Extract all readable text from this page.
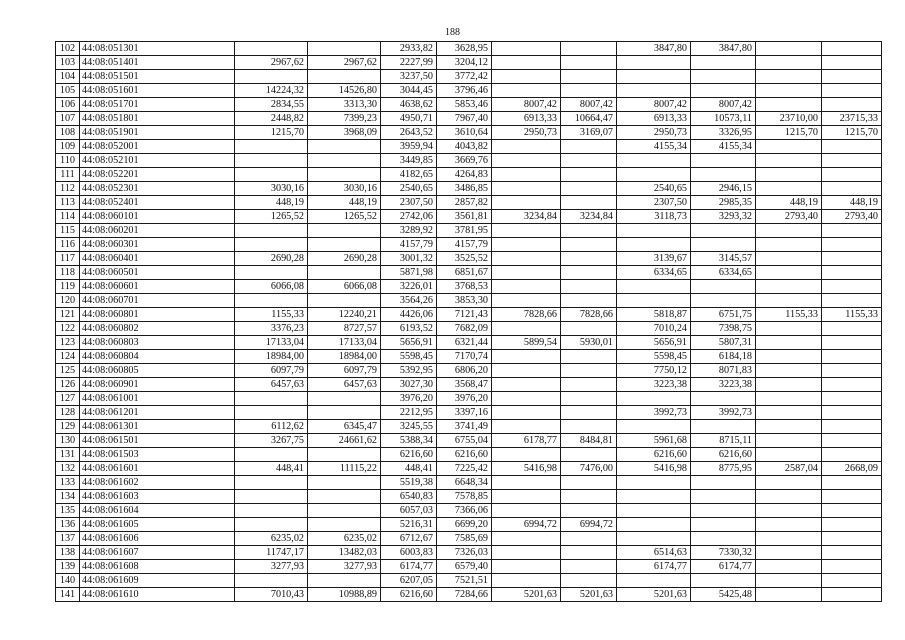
188
102	44:08:051301			2933,82	3628,95			3847,80	3847,80		
103	44:08:051401	2967,62	2967,62	2227,99	3204,12						
104	44:08:051501			3237,50	3772,42						
105	44:08:051601	14224,32	14526,80	3044,45	3796,46						
106	44:08:051701	2834,55	3313,30	4638,62	5853,46	8007,42	8007,42	8007,42	8007,42		
107	44:08:051801	2448,82	7399,23	4950,71	7967,40	6913,33	10664,47	6913,33	10573,11	23710,00	23715,33
108	44:08:051901	1215,70	3968,09	2643,52	3610,64	2950,73	3169,07	2950,73	3326,95	1215,70	1215,70
109	44:08:052001			3959,94	4043,82			4155,34	4155,34		
110	44:08:052101			3449,85	3669,76						
111	44:08:052201			4182,65	4264,83						
112	44:08:052301	3030,16	3030,16	2540,65	3486,85			2540,65	2946,15		
113	44:08:052401	448,19	448,19	2307,50	2857,82			2307,50	2985,35	448,19	448,19
114	44:08:060101	1265,52	1265,52	2742,06	3561,81	3234,84	3234,84	3118,73	3293,32	2793,40	2793,40
115	44:08:060201			3289,92	3781,95						
116	44:08:060301			4157,79	4157,79						
117	44:08:060401	2690,28	2690,28	3001,32	3525,52			3139,67	3145,57		
118	44:08:060501			5871,98	6851,67			6334,65	6334,65		
119	44:08:060601	6066,08	6066,08	3226,01	3768,53						
120	44:08:060701			3564,26	3853,30						
121	44:08:060801	1155,33	12240,21	4426,06	7121,43	7828,66	7828,66	5818,87	6751,75	1155,33	1155,33
122	44:08:060802	3376,23	8727,57	6193,52	7682,09			7010,24	7398,75		
123	44:08:060803	17133,04	17133,04	5656,91	6321,44	5899,54	5930,01	5656,91	5807,31		
124	44:08:060804	18984,00	18984,00	5598,45	7170,74			5598,45	6184,18		
125	44:08:060805	6097,79	6097,79	5392,95	6806,20			7750,12	8071,83		
126	44:08:060901	6457,63	6457,63	3027,30	3568,47			3223,38	3223,38		
127	44:08:061001			3976,20	3976,20						
128	44:08:061201			2212,95	3397,16			3992,73	3992,73		
129	44:08:061301	6112,62	6345,47	3245,55	3741,49						
130	44:08:061501	3267,75	24661,62	5388,34	6755,04	6178,77	8484,81	5961,68	8715,11		
131	44:08:061503			6216,60	6216,60			6216,60	6216,60		
132	44:08:061601	448,41	11115,22	448,41	7225,42	5416,98	7476,00	5416,98	8775,95	2587,04	2668,09
133	44:08:061602			5519,38	6648,34						
134	44:08:061603			6540,83	7578,85						
135	44:08:061604			6057,03	7366,06						
136	44:08:061605			5216,31	6699,20	6994,72	6994,72				
137	44:08:061606	6235,02	6235,02	6712,67	7585,69						
138	44:08:061607	11747,17	13482,03	6003,83	7326,03			6514,63	7330,32		
139	44:08:061608	3277,93	3277,93	6174,77	6579,40			6174,77	6174,77		
140	44:08:061609			6207,05	7521,51						
141	44:08:061610	7010,43	10988,89	6216,60	7284,66	5201,63	5201,63	5201,63	5425,48		
